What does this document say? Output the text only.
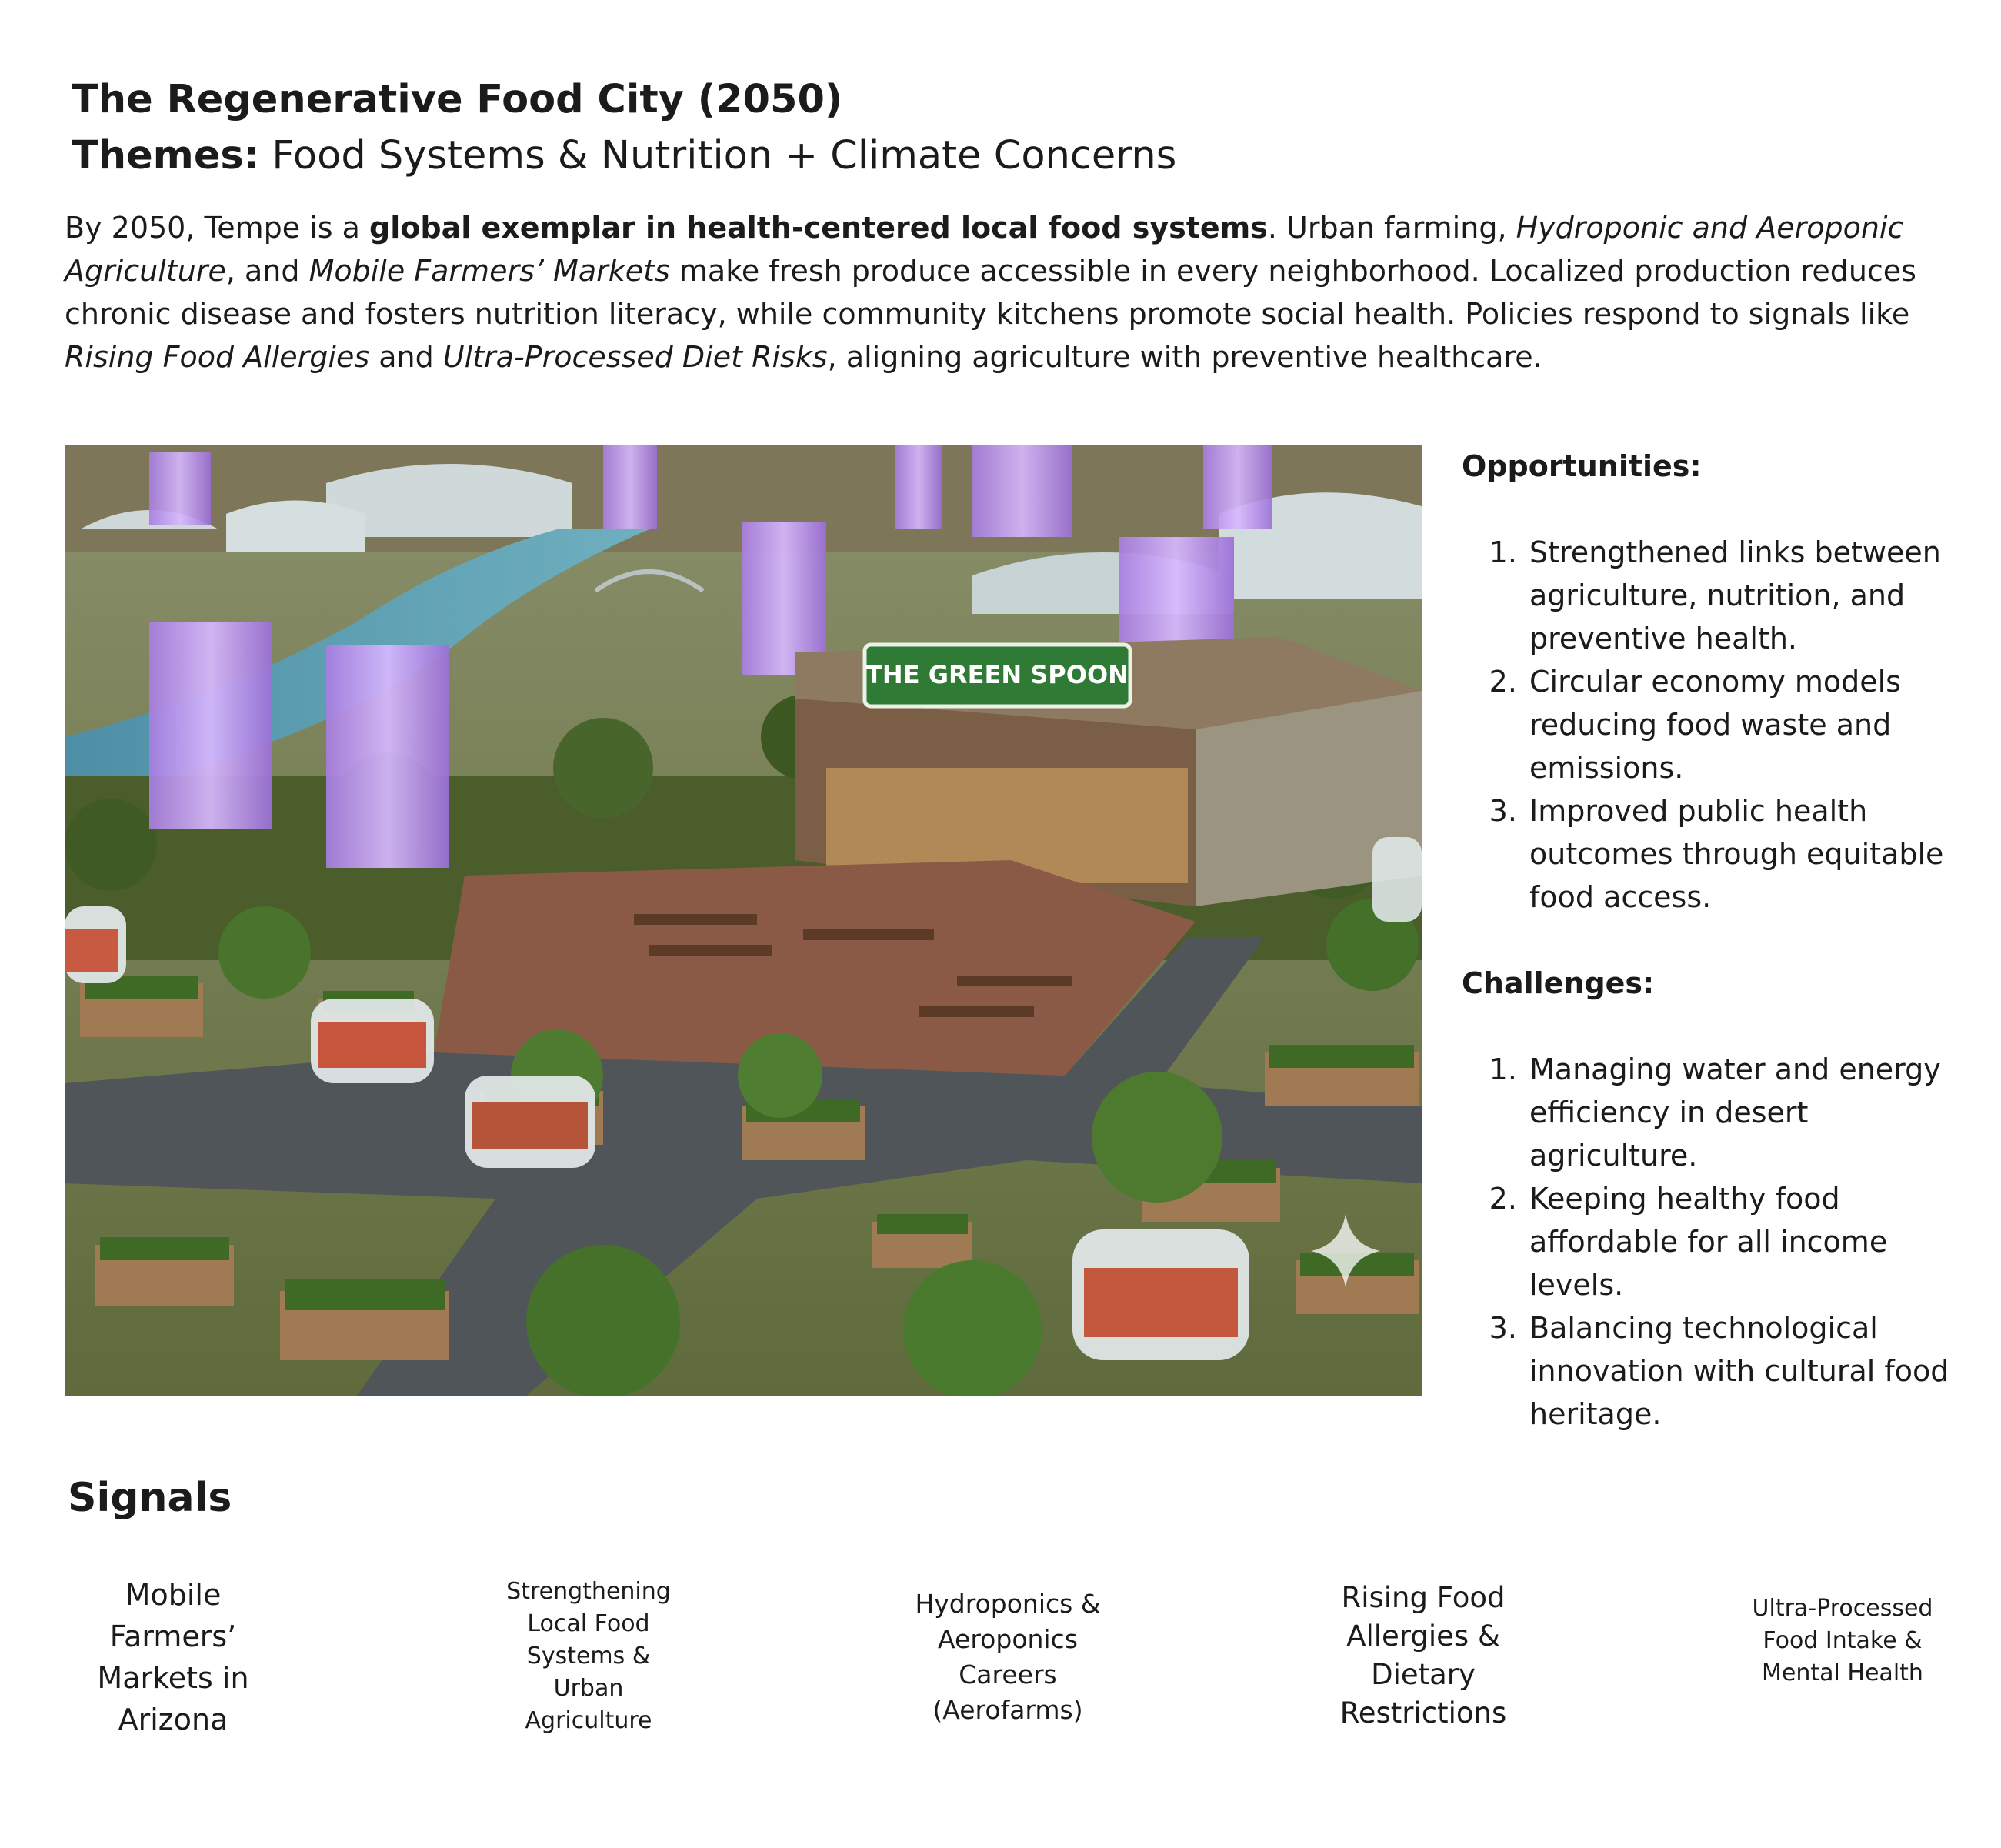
The Regenerative Food City (2050)

Themes: Food Systems & Nutrition + Climate Concerns

By 2050, Tempe is a global exemplar in health-centered local food systems. Urban farming, Hydroponic and Aeroponic Agriculture, and Mobile Farmers’ Markets make fresh produce accessible in every neighborhood. Localized production reduces chronic disease and fosters nutrition literacy, while community kitchens promote social health. Policies respond to signals like Rising Food Allergies and Ultra-Processed Diet Risks, aligning agriculture with preventive healthcare.

THE GREEN SPOON
Opportunities:
1. Strengthened links between agriculture, nutrition, and preventive health.
2. Circular economy models reducing food waste and emissions.
3. Improved public health outcomes through equitable food access.
Challenges:
1. Managing water and energy efficiency in desert agriculture.
2. Keeping healthy food affordable for all income levels.
3. Balancing technological innovation with cultural food heritage.
Signals

Mobile Farmers’ Markets in Arizona

Strengthening Local Food Systems & Urban Agriculture

Hydroponics & Aeroponics Careers (Aerofarms)

Rising Food Allergies & Dietary Restrictions

Ultra-Processed Food Intake & Mental Health
